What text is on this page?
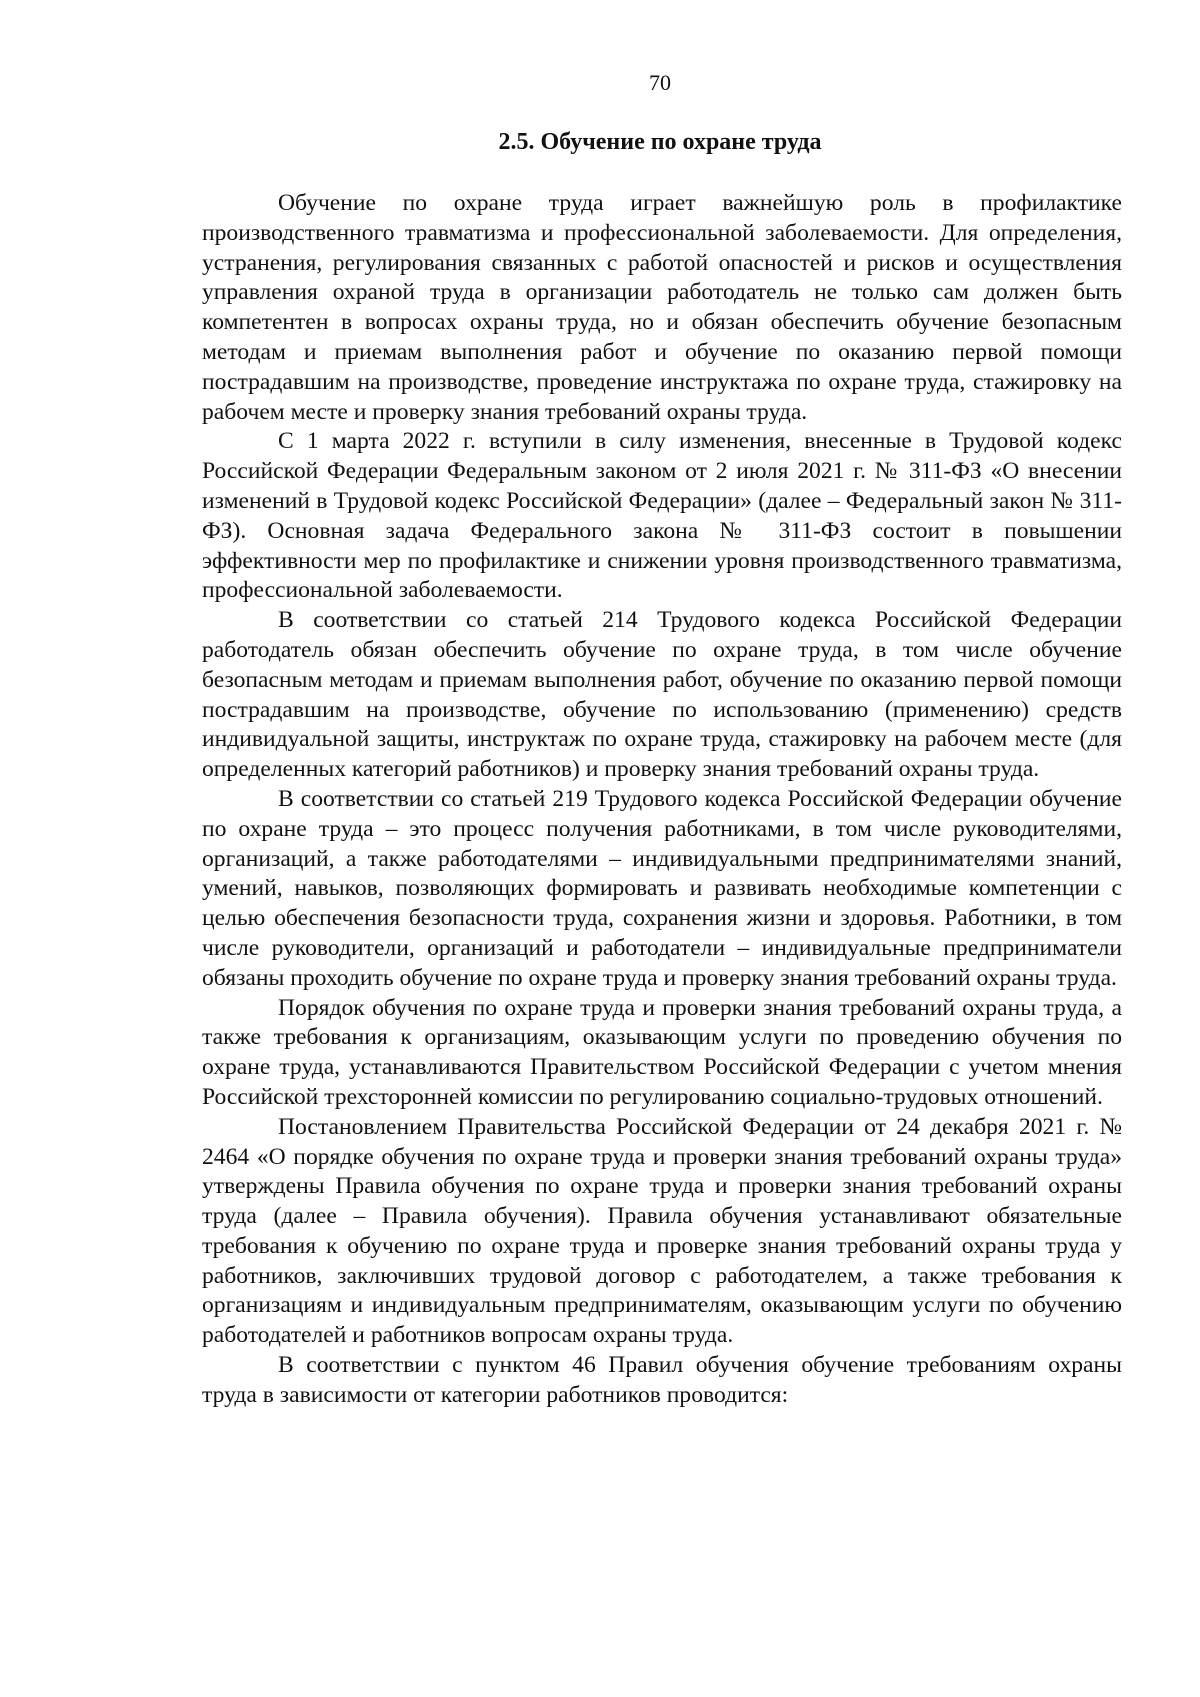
70
2.5. Обучение по охране труда

Обучение по охране труда играет важнейшую роль в профилактике производственного травматизма и профессиональной заболеваемости. Для определения, устранения, регулирования связанных с работой опасностей и рисков и осуществления управления охраной труда в организации работодатель не только сам должен быть компетентен в вопросах охраны труда, но и обязан обеспечить обучение безопасным методам и приемам выполнения работ и обучение по оказанию первой помощи пострадавшим на производстве, проведение инструктажа по охране труда, стажировку на рабочем месте и проверку знания требований охраны труда.

С 1 марта 2022 г. вступили в силу изменения, внесенные в Трудовой кодекс Российской Федерации Федеральным законом от 2 июля 2021 г. № 311-ФЗ «О внесении изменений в Трудовой кодекс Российской Федерации» (далее – Федеральный закон № 311-ФЗ). Основная задача Федерального закона № 311-ФЗ состоит в повышении эффективности мер по профилактике и снижении уровня производственного травматизма, профессиональной заболеваемости.

В соответствии со статьей 214 Трудового кодекса Российской Федерации работодатель обязан обеспечить обучение по охране труда, в том числе обучение безопасным методам и приемам выполнения работ, обучение по оказанию первой помощи пострадавшим на производстве, обучение по использованию (применению) средств индивидуальной защиты, инструктаж по охране труда, стажировку на рабочем месте (для определенных категорий работников) и проверку знания требований охраны труда.

В соответствии со статьей 219 Трудового кодекса Российской Федерации обучение по охране труда – это процесс получения работниками, в том числе руководителями, организаций, а также работодателями – индивидуальными предпринимателями знаний, умений, навыков, позволяющих формировать и развивать необходимые компетенции с целью обеспечения безопасности труда, сохранения жизни и здоровья. Работники, в том числе руководители, организаций и работодатели – индивидуальные предприниматели обязаны проходить обучение по охране труда и проверку знания требований охраны труда.

Порядок обучения по охране труда и проверки знания требований охраны труда, а также требования к организациям, оказывающим услуги по проведению обучения по охране труда, устанавливаются Правительством Российской Федерации с учетом мнения Российской трехсторонней комиссии по регулированию социально-трудовых отношений.

Постановлением Правительства Российской Федерации от 24 декабря 2021 г. № 2464 «О порядке обучения по охране труда и проверки знания требований охраны труда» утверждены Правила обучения по охране труда и проверки знания требований охраны труда (далее – Правила обучения). Правила обучения устанавливают обязательные требования к обучению по охране труда и проверке знания требований охраны труда у работников, заключивших трудовой договор с работодателем, а также требования к организациям и индивидуальным предпринимателям, оказывающим услуги по обучению работодателей и работников вопросам охраны труда.

В соответствии с пунктом 46 Правил обучения обучение требованиям охраны труда в зависимости от категории работников проводится:
